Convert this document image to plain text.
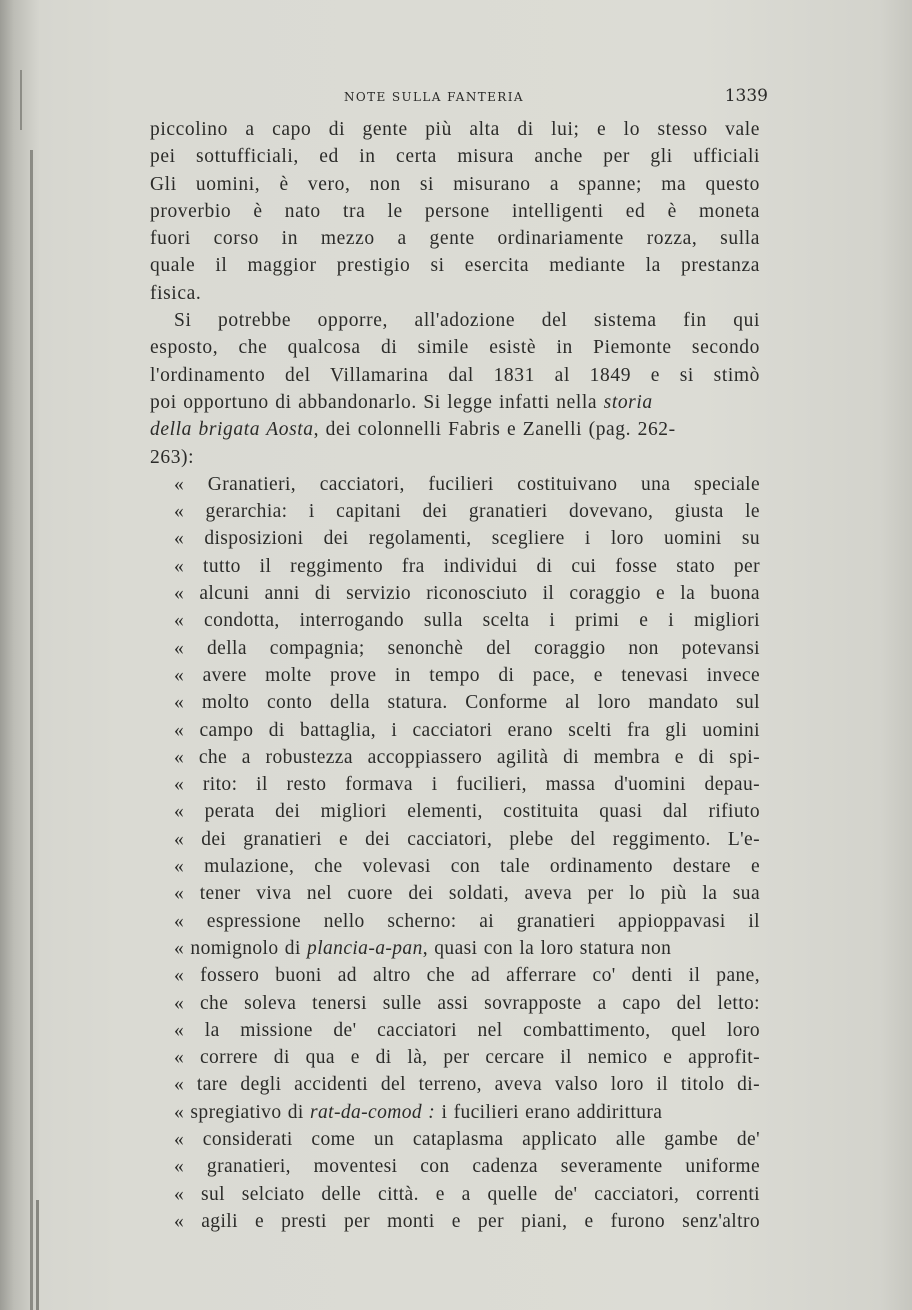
NOTE SULLA FANTERIA	1339
piccolino a capo di gente più alta di lui; e lo stesso vale
pei sottufficiali, ed in certa misura anche per gli ufficiali
Gli uomini, è vero, non si misurano a spanne; ma questo
proverbio è nato tra le persone intelligenti ed è moneta
fuori corso in mezzo a gente ordinariamente rozza, sulla
quale il maggior prestigio si esercita mediante la prestanza
fisica.
Si potrebbe opporre, all'adozione del sistema fin qui
esposto, che qualcosa di simile esistè in Piemonte secondo
l'ordinamento del Villamarina dal 1831 al 1849 e si stimò
poi opportuno di abbandonarlo. Si legge infatti nella storia
della brigata Aosta, dei colonnelli Fabris e Zanelli (pag. 262-
263):
« Granatieri, cacciatori, fucilieri costituivano una speciale
« gerarchia: i capitani dei granatieri dovevano, giusta le
« disposizioni dei regolamenti, scegliere i loro uomini su
« tutto il reggimento fra individui di cui fosse stato per
« alcuni anni di servizio riconosciuto il coraggio e la buona
« condotta, interrogando sulla scelta i primi e i migliori
« della compagnia; senonchè del coraggio non potevansi
« avere molte prove in tempo di pace, e tenevasi invece
« molto conto della statura. Conforme al loro mandato sul
« campo di battaglia, i cacciatori erano scelti fra gli uomini
« che a robustezza accoppiassero agilità di membra e di spi-
« rito: il resto formava i fucilieri, massa d'uomini depau-
« perata dei migliori elementi, costituita quasi dal rifiuto
« dei granatieri e dei cacciatori, plebe del reggimento. L'e-
« mulazione, che volevasi con tale ordinamento destare e
« tener viva nel cuore dei soldati, aveva per lo più la sua
« espressione nello scherno: ai granatieri appioppavasi il
« nomignolo di plancia-a-pan, quasi con la loro statura non
« fossero buoni ad altro che ad afferrare co' denti il pane,
« che soleva tenersi sulle assi sovrapposte a capo del letto:
« la missione de' cacciatori nel combattimento, quel loro
« correre di qua e di là, per cercare il nemico e approfit-
« tare degli accidenti del terreno, aveva valso loro il titolo di-
« spregiativo di rat-da-comod : i fucilieri erano addirittura
« considerati come un cataplasma applicato alle gambe de'
« granatieri, moventesi con cadenza severamente uniforme
« sul selciato delle città. e a quelle de' cacciatori, correnti
« agili e presti per monti e per piani, e furono senz'altro
